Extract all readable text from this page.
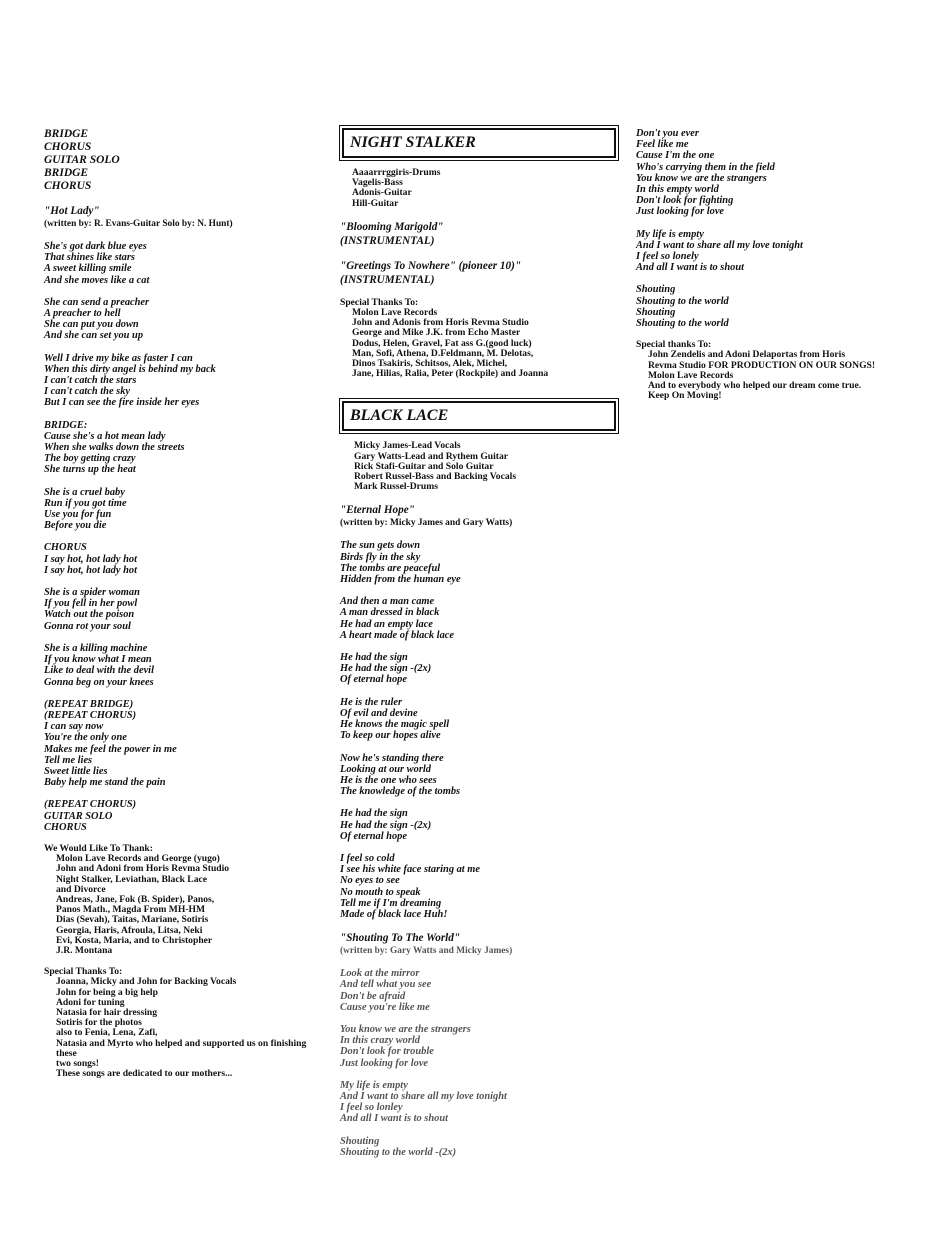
BRIDGE
CHORUS
GUITAR SOLO
BRIDGE
CHORUS
"Hot Lady"
(written by: R. Evans-Guitar Solo by: N. Hunt)
She's got dark blue eyes
That shines like stars
A sweet killing smile
And she moves like a cat
She can send a preacher
A preacher to hell
She can put you down
And she can set you up
Well I drive my bike as faster I can
When this dirty angel is behind my back
I can't catch the stars
I can't catch the sky
But I can see the fire inside her eyes
BRIDGE:
Cause she's a hot mean lady
When she walks down the streets
The boy getting crazy
She turns up the heat
She is a cruel baby
Run if you got time
Use you for fun
Before you die
CHORUS
I say hot, hot lady hot
I say hot, hot lady hot
She is a spider woman
If you fell in her powl
Watch out the poison
Gonna rot your soul
She is a killing machine
If you know what I mean
Like to deal with the devil
Gonna beg on your knees
(REPEAT BRIDGE)
(REPEAT CHORUS)
I can say now
You're the only one
Makes me feel the power in me
Tell me lies
Sweet little lies
Baby help me stand the pain
(REPEAT CHORUS)
GUITAR SOLO
CHORUS
We Would Like To Thank:
Molon Lave Records and George (yugo)
John and Adoni from Horis Revma Studio
Night Stalker, Leviathan, Black Lace
and Divorce
Andreas, Jane, Fok (B. Spider), Panos,
Panos Math., Magda From MH-HM
Dias (Sevah), Taitas, Mariane, Sotiris
Georgia, Haris, Afroula, Litsa, Neki
Evi, Kosta, Maria, and to Christopher
J.R. Montana
Special Thanks To:
Joanna, Micky and John for Backing Vocals
John for being a big help
Adoni for tuning
Natasia for hair dressing
Sotiris for the photos
also to Fenia, Lena, Zafi,
Natasia and Myrto who helped and supported us on finishing
these
two songs!
These songs are dedicated to our mothers...
NIGHT STALKER
Aaaarrrggiris-Drums
Vagelis-Bass
Adonis-Guitar
Hill-Guitar
"Blooming Marigold"
(INSTRUMENTAL)
"Greetings To Nowhere" (pioneer 10)"
(INSTRUMENTAL)
Special Thanks To:
Molon Lave Records
John and Adonis from Horis Revma Studio
George and Mike J.K. from Echo Master
Dodus, Helen, Gravel, Fat ass G.(good luck)
Man, Sofi, Athena, D.Feldmann, M. Delotas,
Dinos Tsakiris, Schitsos, Alek, Michel,
Jane, Hilias, Ralia, Peter (Rockpile) and Joanna
BLACK LACE
Micky James-Lead Vocals
Gary Watts-Lead and Rythem Guitar
Rick Stafi-Guitar and Solo Guitar
Robert Russel-Bass and Backing Vocals
Mark Russel-Drums
"Eternal Hope"
(written by: Micky James and Gary Watts)
The sun gets down
Birds fly in the sky
The tombs are peaceful
Hidden from the human eye
And then a man came
A man dressed in black
He had an empty lace
A heart made of black lace
He had the sign
He had the sign -(2x)
Of eternal hope
He is the ruler
Of evil and devine
He knows the magic spell
To keep our hopes alive
Now he's standing there
Looking at our world
He is the one who sees
The knowledge of the tombs
He had the sign
He had the sign -(2x)
Of eternal hope
I feel so cold
I see his white face staring at me
No eyes to see
No mouth to speak
Tell me if I'm dreaming
Made of black lace Huh!
"Shouting To The World"
(written by: Gary Watts and Micky James)
Look at the mirror
And tell what you see
Don't be afraid
Cause you're like me
You know we are the strangers
In this crazy world
Don't look for trouble
Just looking for love
My life is empty
And I want to share all my love tonight
I feel so lonley
And all I want is to shout
Shouting
Shouting to the world -(2x)
Don't you ever
Feel like me
Cause I'm the one
Who's carrying them in the field
You know we are the strangers
In this empty world
Don't look for fighting
Just looking for love
My life is empty
And I want to share all my love tonight
I feel so lonely
And all I want is to shout
Shouting
Shouting to the world
Shouting
Shouting to the world
Special thanks To:
John Zendelis and Adoni Delaportas from Horis
Revma Studio FOR PRODUCTION ON OUR SONGS!
Molon Lave Records
And to everybody who helped our dream come true.
Keep On Moving!
